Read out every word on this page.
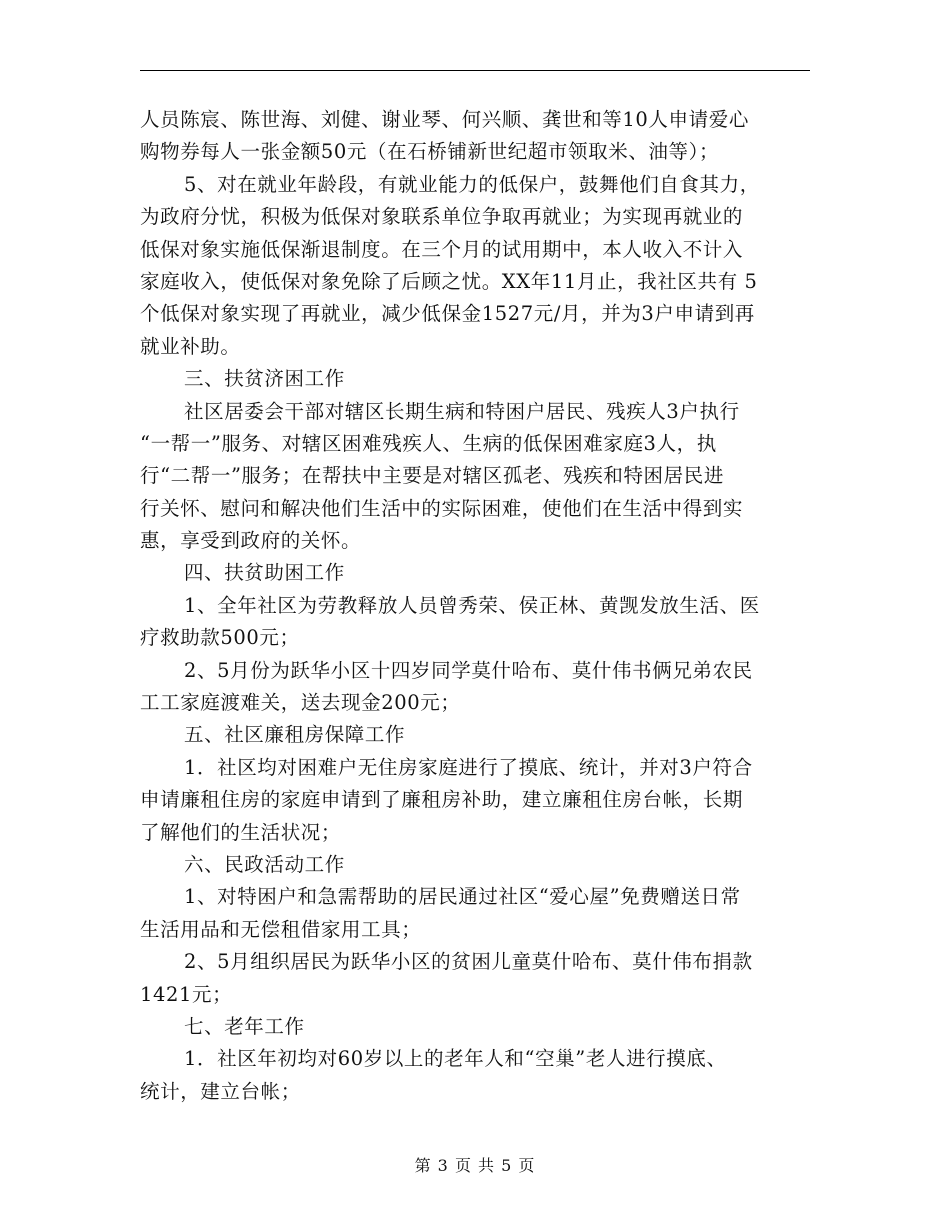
人员陈宸、陈世海、刘健、谢业琴、何兴顺、龚世和等10人申请爱心
购物券每人一张金额50元（在石桥铺新世纪超市领取米、油等）；
5、对在就业年龄段，有就业能力的低保户，鼓舞他们自食其力，
为政府分忧，积极为低保对象联系单位争取再就业；为实现再就业的
低保对象实施低保渐退制度。在三个月的试用期中，本人收入不计入
家庭收入，使低保对象免除了后顾之忧。XX年11月止，我社区共有 5
个低保对象实现了再就业，减少低保金1527元/月，并为3户申请到再
就业补助。
三、扶贫济困工作
社区居委会干部对辖区长期生病和特困户居民、残疾人3户执行
“一帮一”服务、对辖区困难残疾人、生病的低保困难家庭3人，执
行“二帮一”服务；在帮扶中主要是对辖区孤老、残疾和特困居民进
行关怀、慰问和解决他们生活中的实际困难，使他们在生活中得到实
惠，享受到政府的关怀。
四、扶贫助困工作
1、全年社区为劳教释放人员曾秀荣、侯正林、黄觊发放生活、医
疗救助款500元；
2、5月份为跃华小区十四岁同学莫什哈布、莫什伟书俩兄弟农民
工工家庭渡难关，送去现金200元；
五、社区廉租房保障工作
1．社区均对困难户无住房家庭进行了摸底、统计，并对3户符合
申请廉租住房的家庭申请到了廉租房补助，建立廉租住房台帐，长期
了解他们的生活状况；
六、民政活动工作
1、对特困户和急需帮助的居民通过社区“爱心屋”免费赠送日常
生活用品和无偿租借家用工具；
2、5月组织居民为跃华小区的贫困儿童莫什哈布、莫什伟布捐款
1421元；
七、老年工作
1．社区年初均对60岁以上的老年人和“空巢”老人进行摸底、
统计，建立台帐；
第 3 页 共 5 页
